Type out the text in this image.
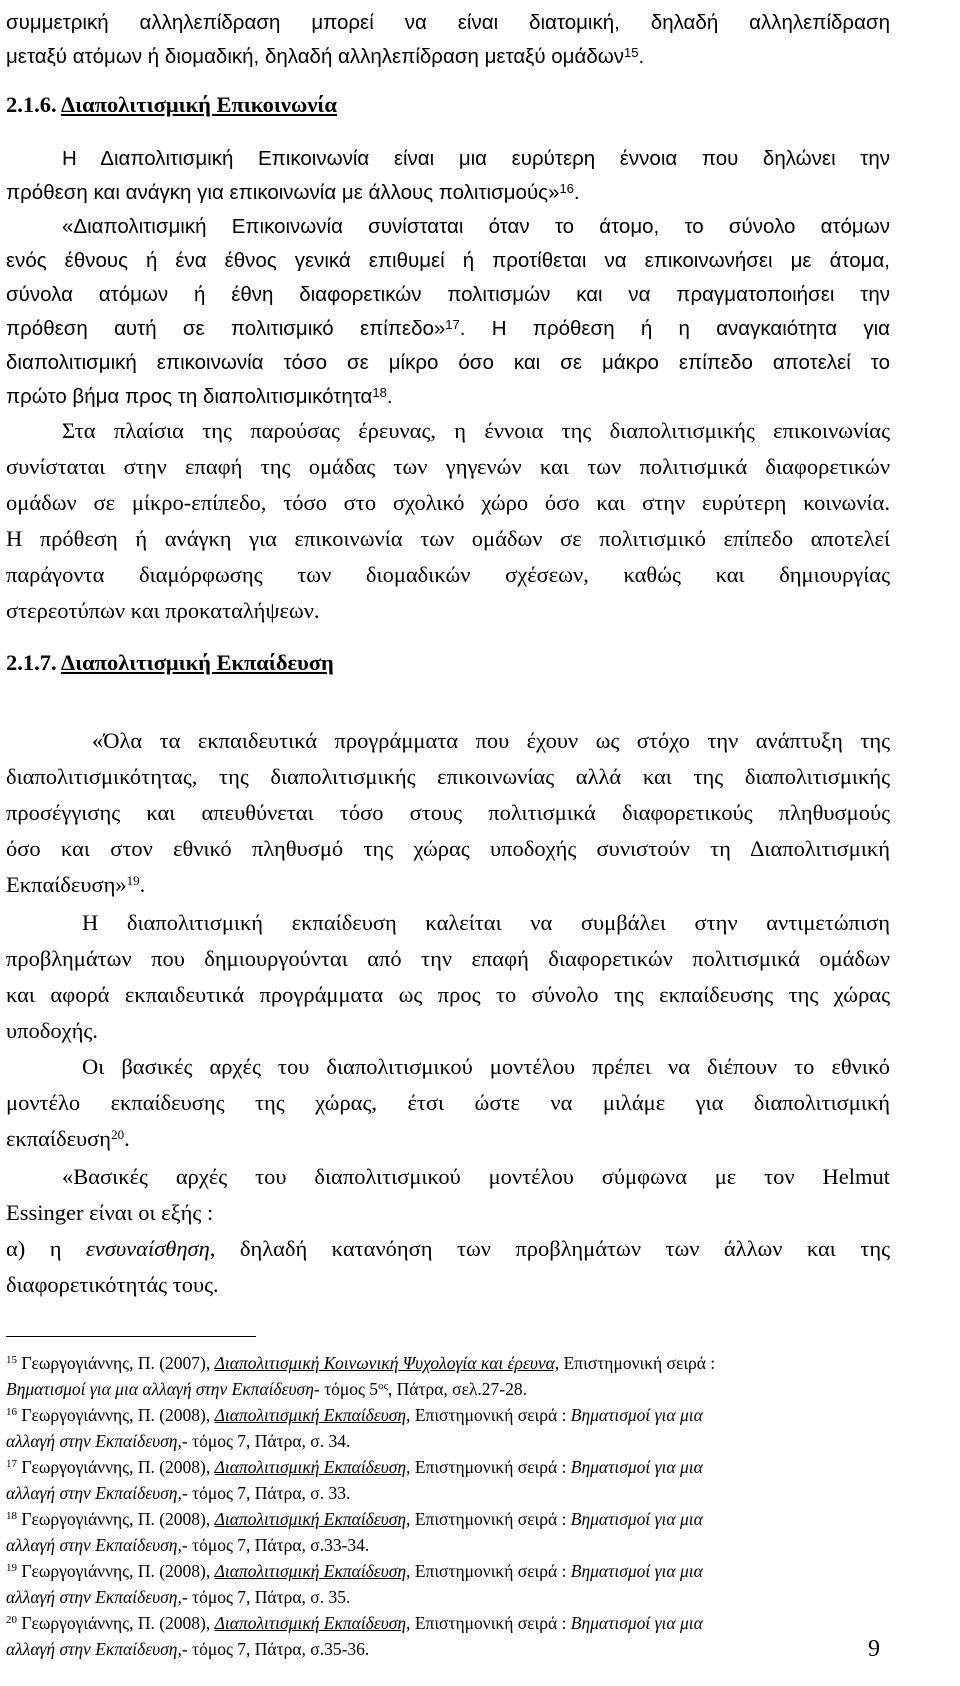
συμμετρική αλληλεπίδραση μπορεί να είναι διατομική, δηλαδή αλληλεπίδραση
μεταξύ ατόμων ή διομαδική, δηλαδή αλληλεπίδραση μεταξύ ομάδων$^{15}$.
2.1.6. Διαπολιτισμική Επικοινωνία
Η Διαπολιτισμική Επικοινωνία είναι μια ευρύτερη έννοια που δηλώνει την
πρόθεση και ανάγκη για επικοινωνία με άλλους πολιτισμούς»$^{16}$.
«Διαπολιτισμική Επικοινωνία συνίσταται όταν το άτομο, το σύνολο ατόμων
ενός έθνους ή ένα έθνος γενικά επιθυμεί ή προτίθεται να επικοινωνήσει με άτομα,
σύνολα ατόμων ή έθνη διαφορετικών πολιτισμών και να πραγματοποιήσει την
πρόθεση αυτή σε πολιτισμικό επίπεδο»$^{17}$. Η πρόθεση ή η αναγκαιότητα για
διαπολιτισμική επικοινωνία τόσο σε μίκρο όσο και σε μάκρο επίπεδο αποτελεί το
πρώτο βήμα προς τη διαπολιτισμικότητα$^{18}$.
Στα πλαίσια της παρούσας έρευνας, η έννοια της διαπολιτισμικής επικοινωνίας
συνίσταται στην επαφή της ομάδας των γηγενών και των πολιτισμικά διαφορετικών
ομάδων σε μίκρο-επίπεδο, τόσο στο σχολικό χώρο όσο και στην ευρύτερη κοινωνία.
Η πρόθεση ή ανάγκη για επικοινωνία των ομάδων σε πολιτισμικό επίπεδο αποτελεί
παράγοντα διαμόρφωσης των διομαδικών σχέσεων, καθώς και δημιουργίας
στερεοτύπων και προκαταλήψεων.
2.1.7. Διαπολιτισμική Εκπαίδευση
«Όλα τα εκπαιδευτικά προγράμματα που έχουν ως στόχο την ανάπτυξη της
διαπολιτισμικότητας, της διαπολιτισμικής επικοινωνίας αλλά και της διαπολιτισμικής
προσέγγισης και απευθύνεται τόσο στους πολιτισμικά διαφορετικούς πληθυσμούς
όσο και στον εθνικό πληθυσμό της χώρας υποδοχής συνιστούν τη Διαπολιτισμική
Εκπαίδευση»$^{19}$.
Η διαπολιτισμική εκπαίδευση καλείται να συμβάλει στην αντιμετώπιση
προβλημάτων που δημιουργούνται από την επαφή διαφορετικών πολιτισμικά ομάδων
και αφορά εκπαιδευτικά προγράμματα ως προς το σύνολο της εκπαίδευσης της χώρας
υποδοχής.
Οι βασικές αρχές του διαπολιτισμικού μοντέλου πρέπει να διέπουν το εθνικό
μοντέλο εκπαίδευσης της χώρας, έτσι ώστε να μιλάμε για διαπολιτισμική
εκπαίδευση$^{20}$.
«Βασικές αρχές του διαπολιτισμικού μοντέλου σύμφωνα με τον Helmut
Essinger είναι οι εξής :
α) η ενσυναίσθηση, δηλαδή κατανόηση των προβλημάτων των άλλων και της
διαφορετικότητάς τους.
$^{15}$ Γεωργογιάννης, Π. (2007), Διαπολιτισμική Κοινωνική Ψυχολογία και έρευνα, Επιστημονική σειρά :
Βηματισμοί για μια αλλαγή στην Εκπαίδευση- τόμος $5^{o\varsigma}$, Πάτρα, σελ.27-28.
$^{16}$ Γεωργογιάννης, Π. (2008), Διαπολιτισμική Εκπαίδευση, Επιστημονική σειρά : Βηματισμοί για μια
αλλαγή στην Εκπαίδευση,- τόμος 7, Πάτρα, σ. 34.
$^{17}$ Γεωργογιάννης, Π. (2008), Διαπολιτισμική Εκπαίδευση, Επιστημονική σειρά : Βηματισμοί για μια
αλλαγή στην Εκπαίδευση,- τόμος 7, Πάτρα, σ. 33.
$^{18}$ Γεωργογιάννης, Π. (2008), Διαπολιτισμική Εκπαίδευση, Επιστημονική σειρά : Βηματισμοί για μια
αλλαγή στην Εκπαίδευση,- τόμος 7, Πάτρα, σ.33-34.
$^{19}$ Γεωργογιάννης, Π. (2008), Διαπολιτισμική Εκπαίδευση, Επιστημονική σειρά : Βηματισμοί για μια
αλλαγή στην Εκπαίδευση,- τόμος 7, Πάτρα, σ. 35.
$^{20}$ Γεωργογιάννης, Π. (2008), Διαπολιτισμική Εκπαίδευση, Επιστημονική σειρά : Βηματισμοί για μια
αλλαγή στην Εκπαίδευση,- τόμος 7, Πάτρα, σ.35-36.	9
